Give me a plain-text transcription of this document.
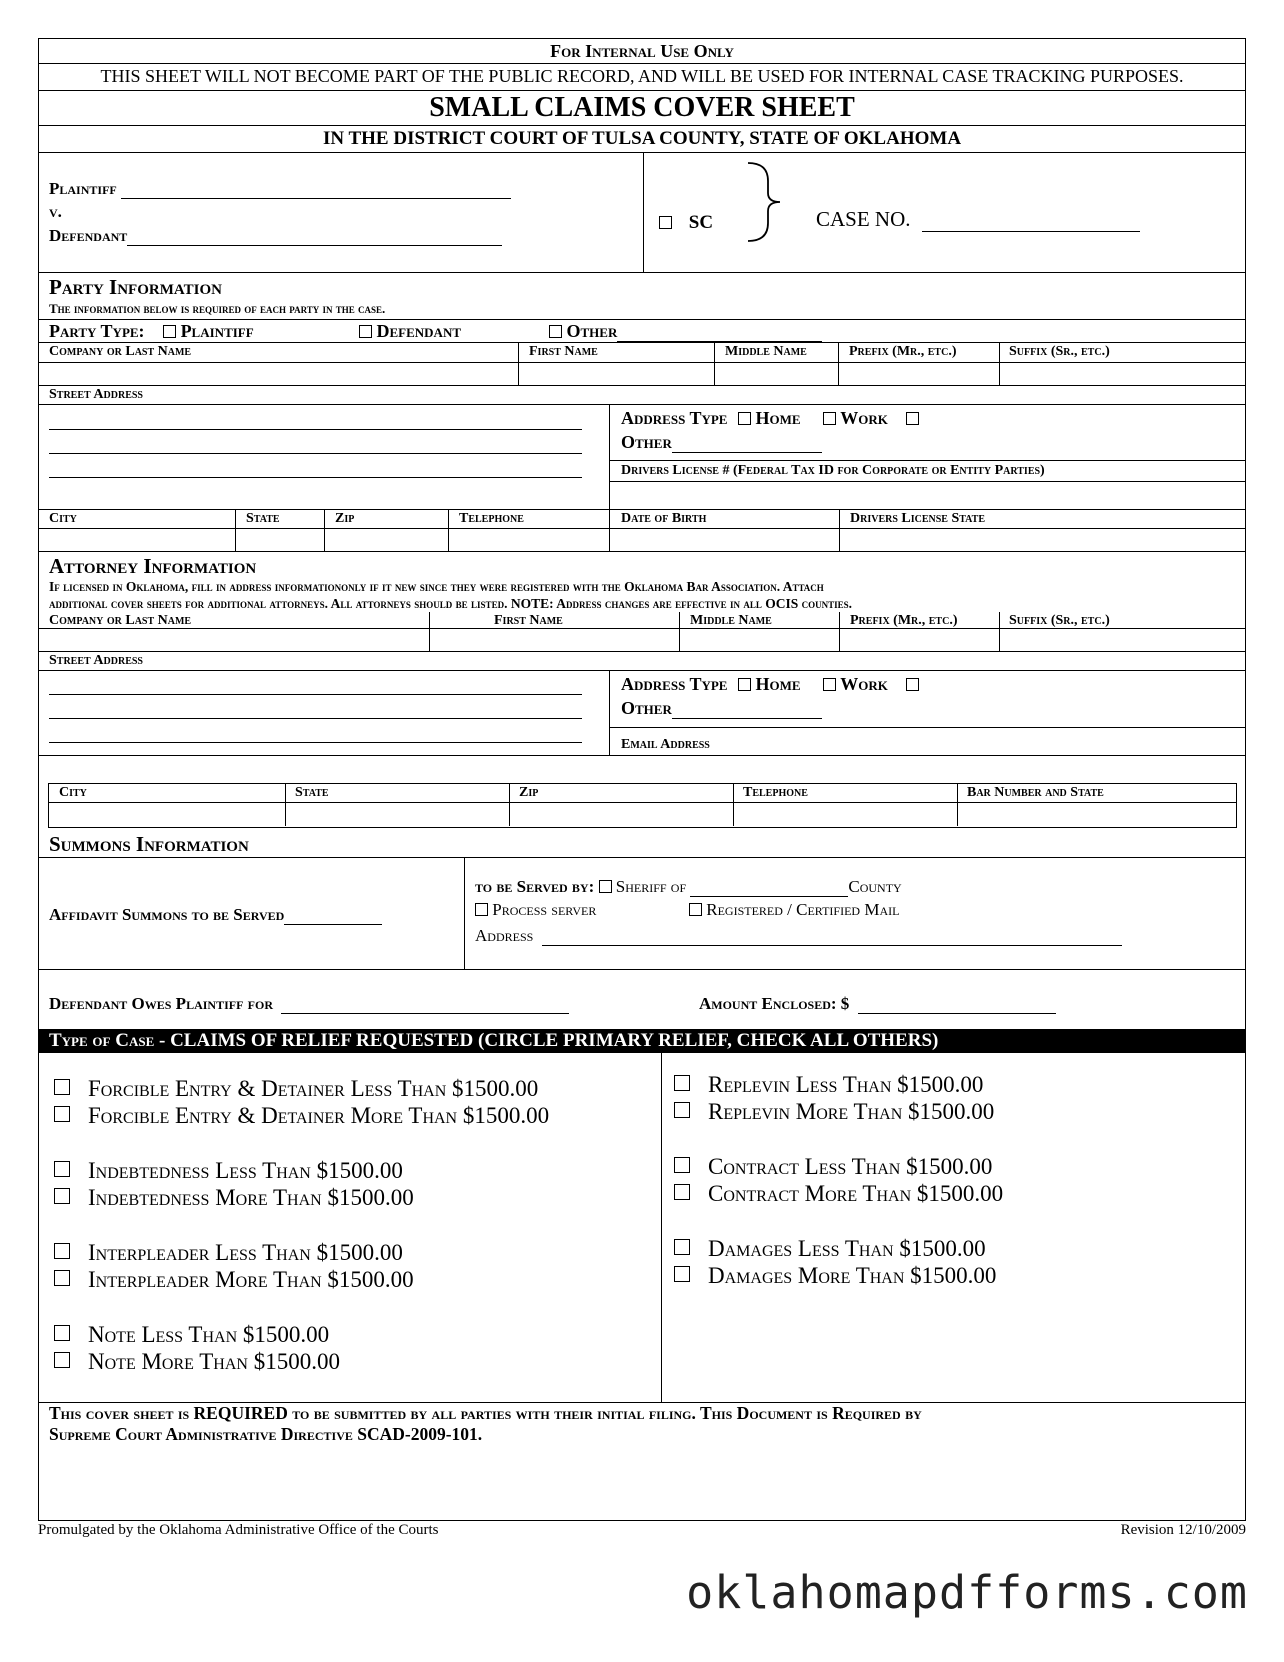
For Internal Use Only
THIS SHEET WILL NOT BECOME PART OF THE PUBLIC RECORD, AND WILL BE USED FOR INTERNAL CASE TRACKING PURPOSES.
SMALL CLAIMS COVER SHEET
IN THE DISTRICT COURT OF TULSA COUNTY, STATE OF OKLAHOMA
Plaintiff
v.
Defendant
SC	CASE NO.
Party Information
The information below is required of each party in the case.
Party Type: Plaintiff	Defendant	Other
Company or Last Name	First Name	Middle Name	Prefix (Mr., etc.)	Suffix (Sr., etc.)
Street Address
Address Type Home Work
Other
Drivers License # (Federal Tax ID for Corporate or Entity Parties)
City	State	Zip	Telephone	Date of Birth	Drivers License State
Attorney Information
If licensed in Oklahoma, fill in address informationonly if it new since they were registered with the Oklahoma Bar Association. Attach
additional cover sheets for additional attorneys. All attorneys should be listed. NOTE: Address changes are effective in all OCIS counties.
Company or Last Name	First Name	Middle Name	Prefix (Mr., etc.)	Suffix (Sr., etc.)
Street Address
Address Type Home Work
Other
Email Address
City	State	Zip	Telephone	Bar Number and State
Summons Information
Affidavit Summons to be Served
to be Served by: Sheriff of	County
Process server	Registered / Certified Mail
Address
Defendant Owes Plaintiff for	Amount Enclosed: $
Type of Case - CLAIMS OF RELIEF REQUESTED (CIRCLE PRIMARY RELIEF, CHECK ALL OTHERS)
Forcible Entry & Detainer Less Than $1500.00
Forcible Entry & Detainer More Than $1500.00
Indebtedness Less Than $1500.00
Indebtedness More Than $1500.00
Interpleader Less Than $1500.00
Interpleader More Than $1500.00
Note Less Than $1500.00
Note More Than $1500.00
Replevin Less Than $1500.00
Replevin More Than $1500.00
Contract Less Than $1500.00
Contract More Than $1500.00
Damages Less Than $1500.00
Damages More Than $1500.00
This cover sheet is REQUIRED to be submitted by all parties with their initial filing. This Document is Required by
Supreme Court Administrative Directive SCAD-2009-101.
Promulgated by the Oklahoma Administrative Office of the Courts	Revision 12/10/2009
oklahomapdfforms.com
